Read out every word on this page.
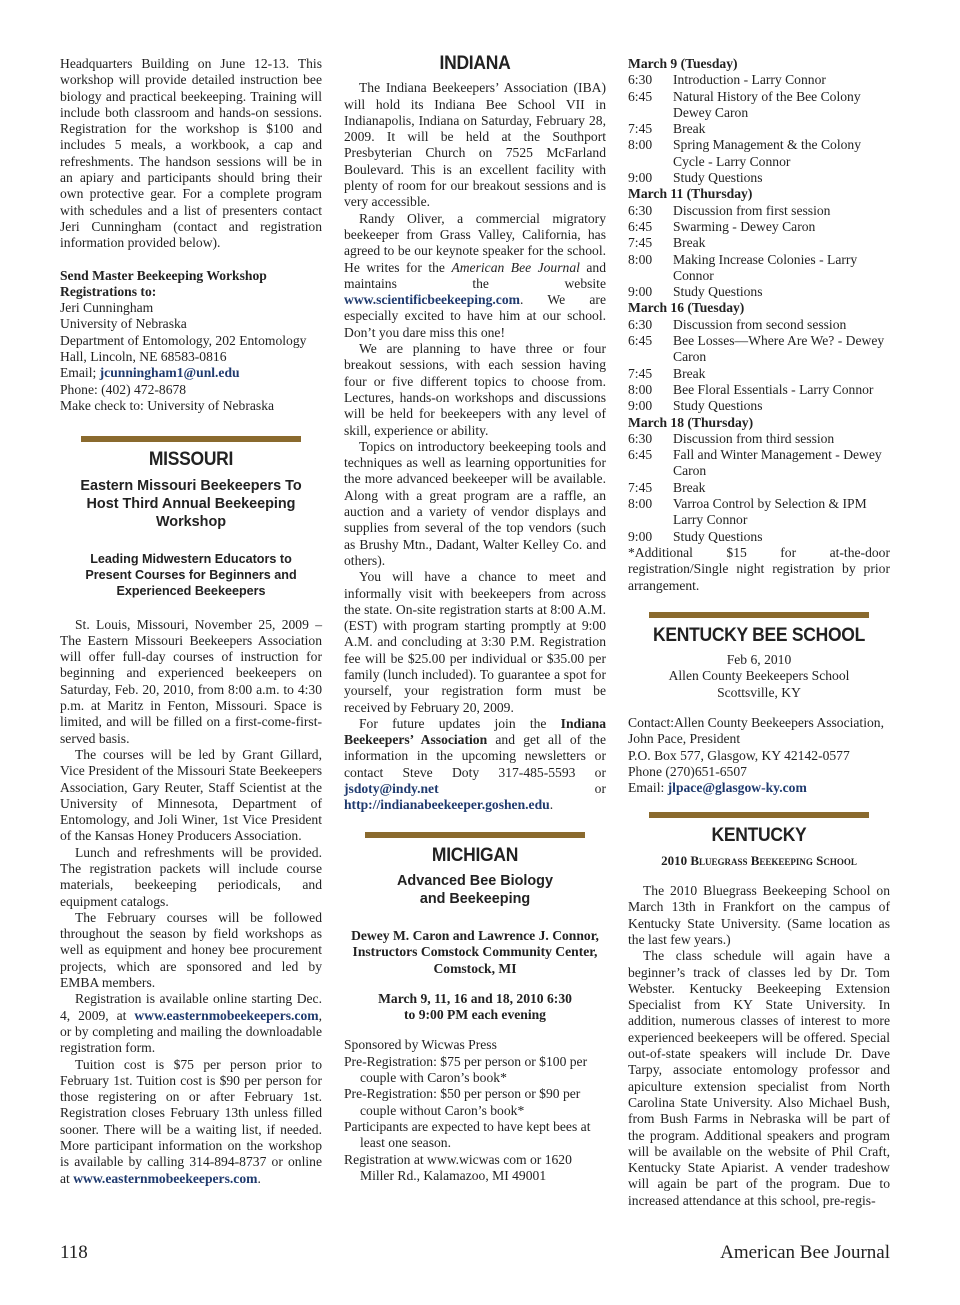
Headquarters Building on June 12-13. This workshop will provide detailed instruction bee biology and practical beekeeping. Training will include both classroom and hands-on sessions. Registration for the workshop is $100 and includes 5 meals, a workbook, a cap and refreshments. The handson sessions will be in an apiary and participants should bring their own protective gear. For a complete program with schedules and a list of presenters contact Jeri Cunningham (contact and registration information provided below).

Send Master Beekeeping Workshop Registrations to:
Jeri Cunningham
University of Nebraska
Department of Entomology, 202 Entomology Hall, Lincoln, NE 68583-0816
Email; jcunningham1@unl.edu
Phone: (402) 472-8678
Make check to: University of Nebraska
MISSOURI
Eastern Missouri Beekeepers To Host Third Annual Beekeeping Workshop
Leading Midwestern Educators to Present Courses for Beginners and Experienced Beekeepers

St. Louis, Missouri, November 25, 2009 – The Eastern Missouri Beekeepers Association will offer full-day courses of instruction for beginning and experienced beekeepers on Saturday, Feb. 20, 2010, from 8:00 a.m. to 4:30 p.m. at Maritz in Fenton, Missouri. Space is limited, and will be filled on a first-come-first-served basis.

The courses will be led by Grant Gillard, Vice President of the Missouri State Beekeepers Association, Gary Reuter, Staff Scientist at the University of Minnesota, Department of Entomology, and Joli Winer, 1st Vice President of the Kansas Honey Producers Association.

Lunch and refreshments will be provided. The registration packets will include course materials, beekeeping periodicals, and equipment catalogs.

The February courses will be followed throughout the season by field workshops as well as equipment and honey bee procurement projects, which are sponsored and led by EMBA members.

Registration is available online starting Dec. 4, 2009, at www.easternmobeekeepers.com, or by completing and mailing the downloadable registration form.

Tuition cost is $75 per person prior to February 1st. Tuition cost is $90 per person for those registering on or after February 1st. Registration closes February 13th unless filled sooner. There will be a waiting list, if needed. More participant information on the workshop is available by calling 314-894-8737 or online at www.easternmobeekeepers.com.

INDIANA

The Indiana Beekeepers’ Association (IBA) will hold its Indiana Bee School VII in Indianapolis, Indiana on Saturday, February 28, 2009. It will be held at the Southport Presbyterian Church on 7525 McFarland Boulevard. This is an excellent facility with plenty of room for our breakout sessions and is very accessible.

Randy Oliver, a commercial migratory beekeeper from Grass Valley, California, has agreed to be our keynote speaker for the school. He writes for the American Bee Journal and maintains the website www.scientificbeekeeping.com. We are especially excited to have him at our school. Don’t you dare miss this one!

We are planning to have three or four breakout sessions, with each session having four or five different topics to choose from. Lectures, hands-on workshops and discussions will be held for beekeepers with any level of skill, experience or ability.

Topics on introductory beekeeping tools and techniques as well as learning opportunities for the more advanced beekeeper will be available. Along with a great program are a raffle, an auction and a variety of vendor displays and supplies from several of the top vendors (such as Brushy Mtn., Dadant, Walter Kelley Co. and others).

You will have a chance to meet and informally visit with beekeepers from across the state. On-site registration starts at 8:00 A.M. (EST) with program starting promptly at 9:00 A.M. and concluding at 3:30 P.M. Registration fee will be $25.00 per individual or $35.00 per family (lunch included). To guarantee a spot for yourself, your registration form must be received by February 20, 2009.

For future updates join the Indiana Beekeepers’ Association and get all of the information in the upcoming newsletters or contact Steve Doty 317-485-5593 or jsdoty@indy.net or http://indianabeekeeper.goshen.edu.

MICHIGAN
Advanced Bee Biology and Beekeeping
Dewey M. Caron and Lawrence J. Connor, Instructors Comstock Community Center, Comstock, MI
March 9, 11, 16 and 18, 2010 6:30 to 9:00 PM each evening
Sponsored by Wicwas Press
Pre-Registration: $75 per person or $100 per couple with Caron’s book*
Pre-Registration: $50 per person or $90 per couple without Caron’s book*
Participants are expected to have kept bees at least one season.
Registration at www.wicwas com or 1620 Miller Rd., Kalamazoo, MI 49001
March 9 (Tuesday)
6:30	Introduction - Larry Connor
6:45	Natural History of the Bee Colony Dewey Caron
7:45	Break
8:00	Spring Management & the Colony Cycle - Larry Connor
9:00	Study Questions
March 11 (Thursday)
6:30	Discussion from first session
6:45	Swarming - Dewey Caron
7:45	Break
8:00	Making Increase Colonies - Larry Connor
9:00	Study Questions
March 16 (Tuesday)
6:30	Discussion from second session
6:45	Bee Losses—Where Are We? - Dewey Caron
7:45	Break
8:00	Bee Floral Essentials - Larry Connor
9:00	Study Questions
March 18 (Thursday)
6:30	Discussion from third session
6:45	Fall and Winter Management - Dewey Caron
7:45	Break
8:00	Varroa Control by Selection & IPM Larry Connor
9:00	Study Questions

*Additional $15 for at-the-door registration/Single night registration by prior arrangement.

KENTUCKY BEE SCHOOL
Feb 6, 2010
Allen County Beekeepers School
Scottsville, KY
Contact:Allen County Beekeepers Association, John Pace, President
P.O. Box 577, Glasgow, KY 42142-0577
Phone (270)651-6507
Email: jlpace@glasgow-ky.com
KENTUCKY
2010 Bluegrass Beekeeping School

The 2010 Bluegrass Beekeeping School on March 13th in Frankfort on the campus of Kentucky State University. (Same location as the last few years.)

The class schedule will again have a beginner’s track of classes led by Dr. Tom Webster. Kentucky Beekeeping Extension Specialist from KY State University. In addition, numerous classes of interest to more experienced beekeepers will be offered. Special out-of-state speakers will include Dr. Dave Tarpy, associate entomology professor and apiculture extension specialist from North Carolina State University. Also Michael Bush, from Bush Farms in Nebraska will be part of the program. Additional speakers and program will be available on the website of Phil Craft, Kentucky State Apiarist. A vender tradeshow will again be part of the program. Due to increased attendance at this school, pre-regis-

118	American Bee Journal
